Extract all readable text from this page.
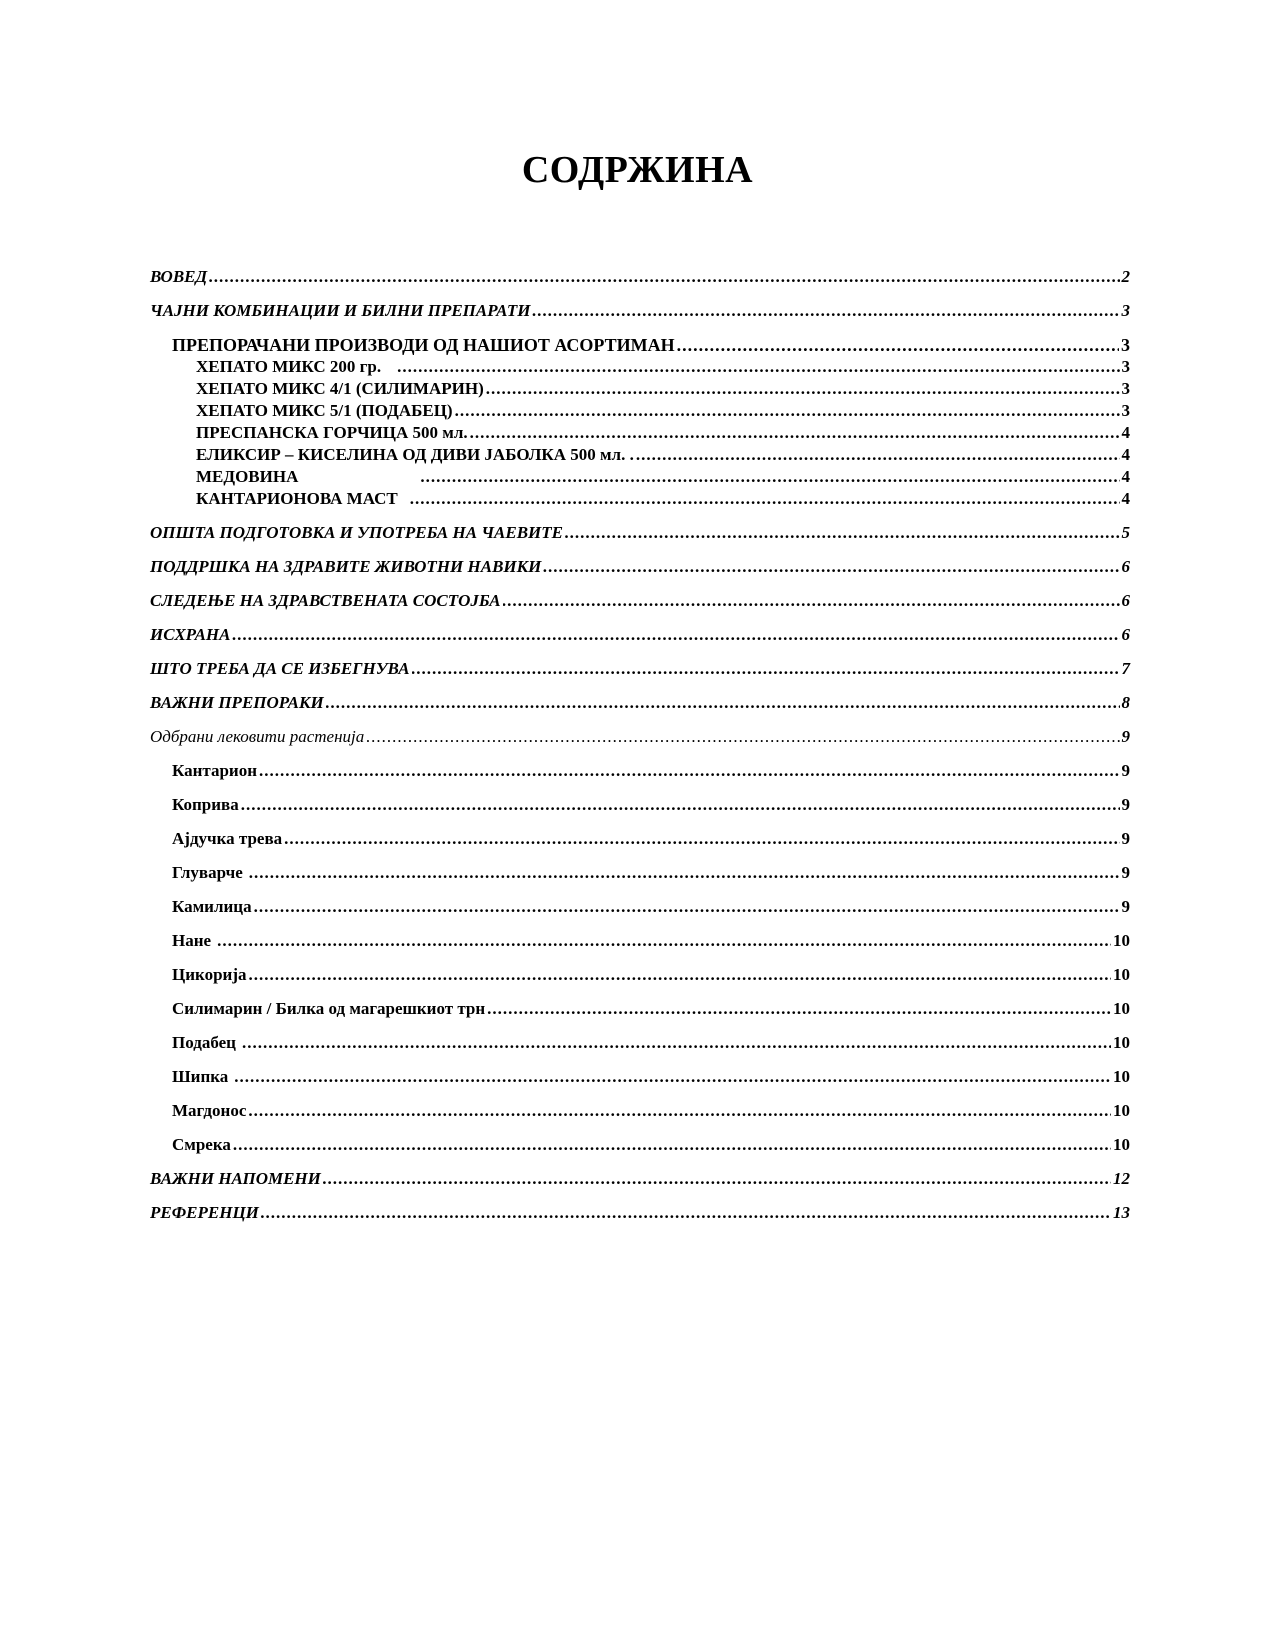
СОДРЖИНА
ВОВЕД .....	2
ЧАЈНИ КОМБИНАЦИИ И БИЛНИ ПРЕПАРАТИ .....	3
ПРЕПОРАЧАНИ ПРОИЗВОДИ ОД НАШИОТ АСОРТИМАН .....	3
ХЕПАТО МИКС 200 гр. .....	3
ХЕПАТО МИКС 4/1 (СИЛИМАРИН) .....	3
ХЕПАТО МИКС 5/1 (ПОДАБЕЦ) .....	3
ПРЕСПАНСКА ГОРЧИЦА 500 мл. .....	4
ЕЛИКСИР – КИСЕЛИНА ОД ДИВИ ЈАБОЛКА 500 мл. . .....	4
МЕДОВИНА .....	4
КАНТАРИОНОВА МАСТ .....	4
ОПШТА ПОДГОТОВКА И УПОТРЕБА НА ЧАЕВИТЕ .....	5
ПОДДРШКА НА ЗДРАВИТЕ ЖИВОТНИ НАВИКИ .....	6
СЛЕДЕЊЕ НА ЗДРАВСТВЕНАТА СОСТОЈБА .....	6
ИСХРАНА .....	6
ШТО ТРЕБА ДА СЕ ИЗБЕГНУВА .....	7
ВАЖНИ ПРЕПОРАКИ .....	8
Одбрани лековити растенија .....	9
Кантарион .....	9
Коприва .....	9
Ајдучка трева .....	9
Глуварче .....	9
Камилица .....	9
Нане .....	10
Цикорија .....	10
Силимарин / Билка од магарешкиот трн .....	10
Подабец .....	10
Шипка .....	10
Магдонос .....	10
Смрека .....	10
ВАЖНИ НАПОМЕНИ .....	12
РЕФЕРЕНЦИ .....	13
